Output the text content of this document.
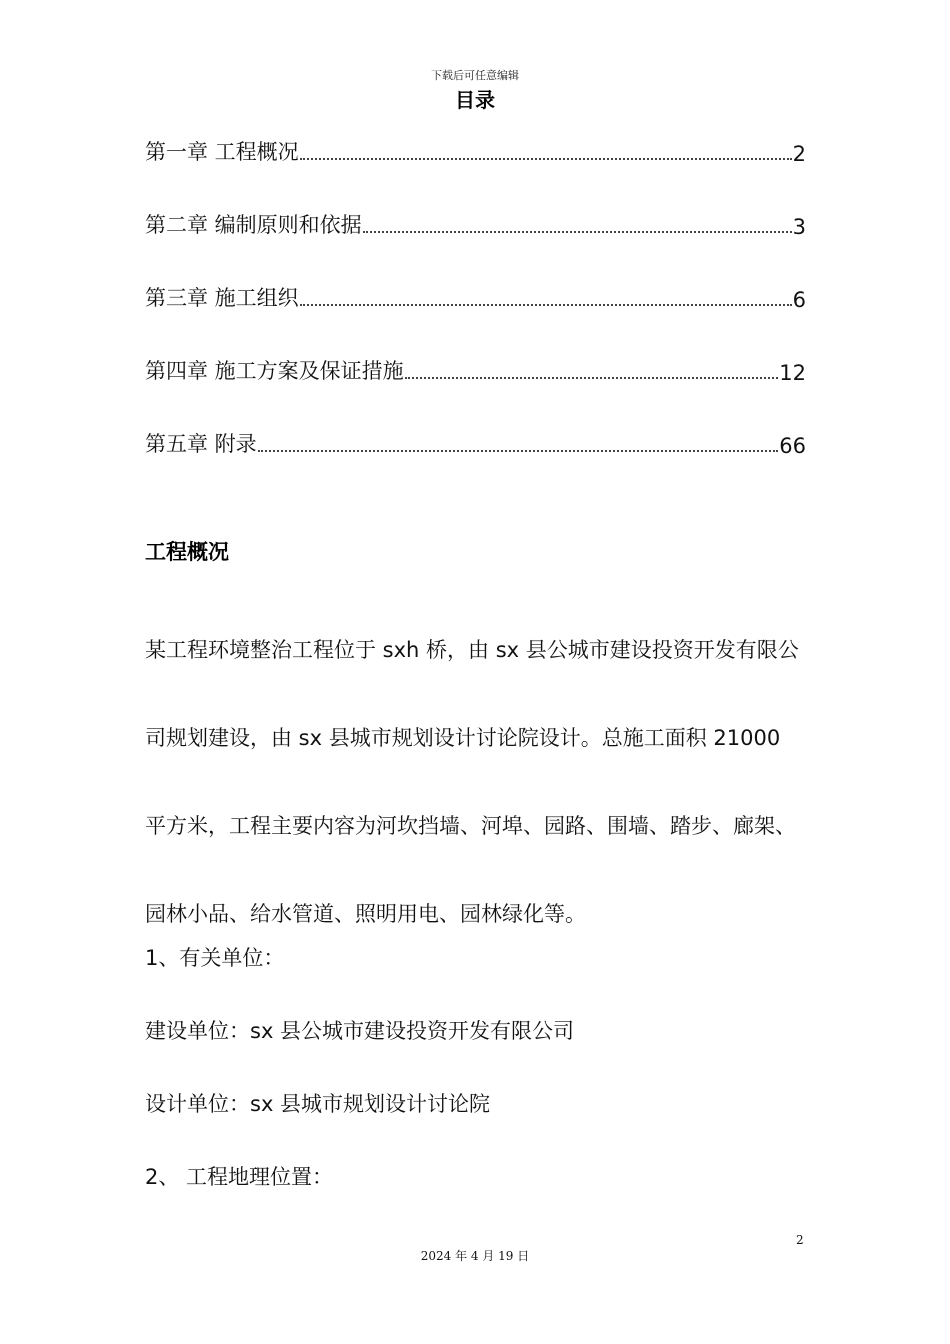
下载后可任意编辑
目录
第一章 工程概况	2
第二章 编制原则和依据	3
第三章 施工组织	6
第四章 施工方案及保证措施	12
第五章 附录	66
工程概况

某工程环境整治工程位于 sxh 桥，由 sx 县公城市建设投资开发有限公司规划建设，由 sx 县城市规划设计讨论院设计。总施工面积 21000 平方米，工程主要内容为河坎挡墙、河埠、园路、围墙、踏步、廊架、园林小品、给水管道、照明用电、园林绿化等。

1、有关单位：
建设单位：sx 县公城市建设投资开发有限公司
设计单位：sx 县城市规划设计讨论院
2、 工程地理位置：
2
2024 年 4 月 19 日
